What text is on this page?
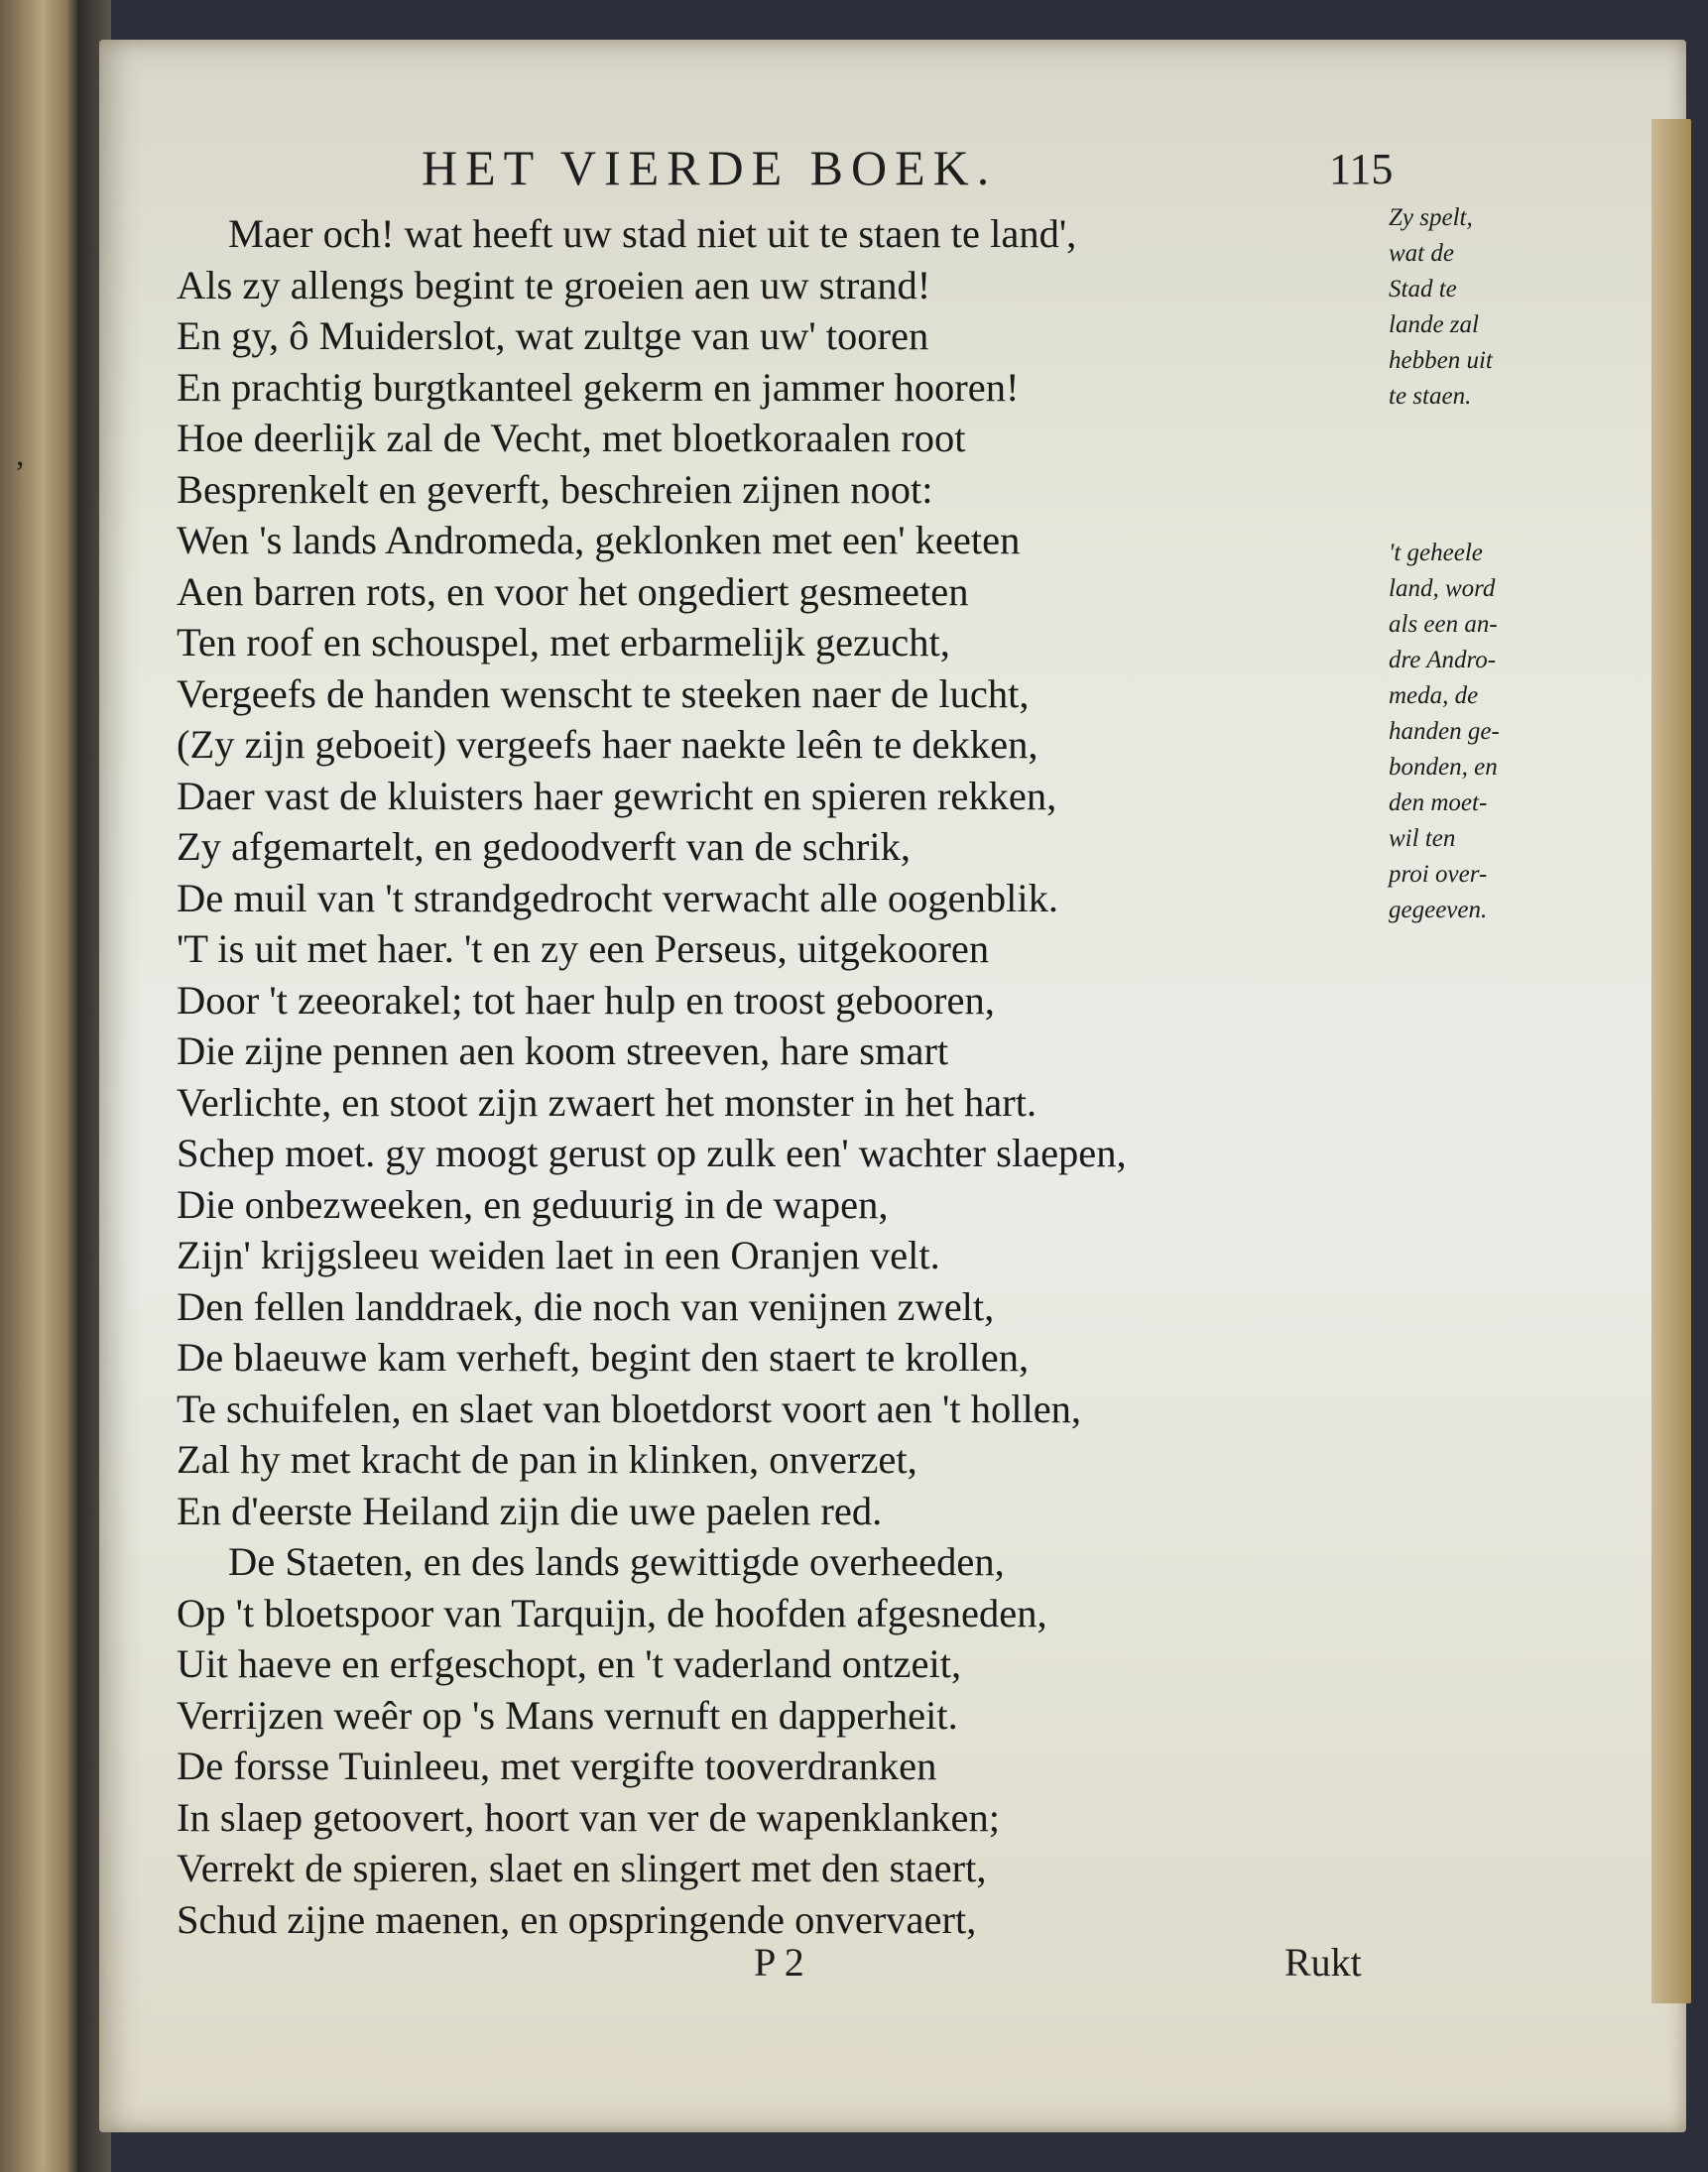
,
HET VIERDE BOEK.	115
Maer och! wat heeft uw stad niet uit te staen te land',
Als zy allengs begint te groeien aen uw strand!
En gy, ô Muiderslot, wat zultge van uw' tooren
En prachtig burgtkanteel gekerm en jammer hooren!
Hoe deerlijk zal de Vecht, met bloetkoraalen root
Besprenkelt en geverft, beschreien zijnen noot:
Wen 's lands Andromeda, geklonken met een' keeten
Aen barren rots, en voor het ongediert gesmeeten
Ten roof en schouspel, met erbarmelijk gezucht,
Vergeefs de handen wenscht te steeken naer de lucht,
(Zy zijn geboeit) vergeefs haer naekte leên te dekken,
Daer vast de kluisters haer gewricht en spieren rekken,
Zy afgemartelt, en gedoodverft van de schrik,
De muil van 't strandgedrocht verwacht alle oogenblik.
'T is uit met haer. 't en zy een Perseus, uitgekooren
Door 't zeeorakel; tot haer hulp en troost gebooren,
Die zijne pennen aen koom streeven, hare smart
Verlichte, en stoot zijn zwaert het monster in het hart.
Schep moet. gy moogt gerust op zulk een' wachter slaepen,
Die onbezweeken, en geduurig in de wapen,
Zijn' krijgsleeu weiden laet in een Oranjen velt.
Den fellen landdraek, die noch van venijnen zwelt,
De blaeuwe kam verheft, begint den staert te krollen,
Te schuifelen, en slaet van bloetdorst voort aen 't hollen,
Zal hy met kracht de pan in klinken, onverzet,
En d'eerste Heiland zijn die uwe paelen red.
De Staeten, en des lands gewittigde overheeden,
Op 't bloetspoor van Tarquijn, de hoofden afgesneden,
Uit haeve en erfgeschopt, en 't vaderland ontzeit,
Verrijzen weêr op 's Mans vernuft en dapperheit.
De forsse Tuinleeu, met vergifte tooverdranken
In slaep getoovert, hoort van ver de wapenklanken;
Verrekt de spieren, slaet en slingert met den staert,
Schud zijne maenen, en opspringende onvervaert,
Zy spelt,
wat de
Stad te
lande zal
hebben uit
te staen.
't geheele
land, word
als een an-
dre Andro-
meda, de
handen ge-
bonden, en
den moet-
wil ten
proi over-
gegeeven.
P 2	Rukt
